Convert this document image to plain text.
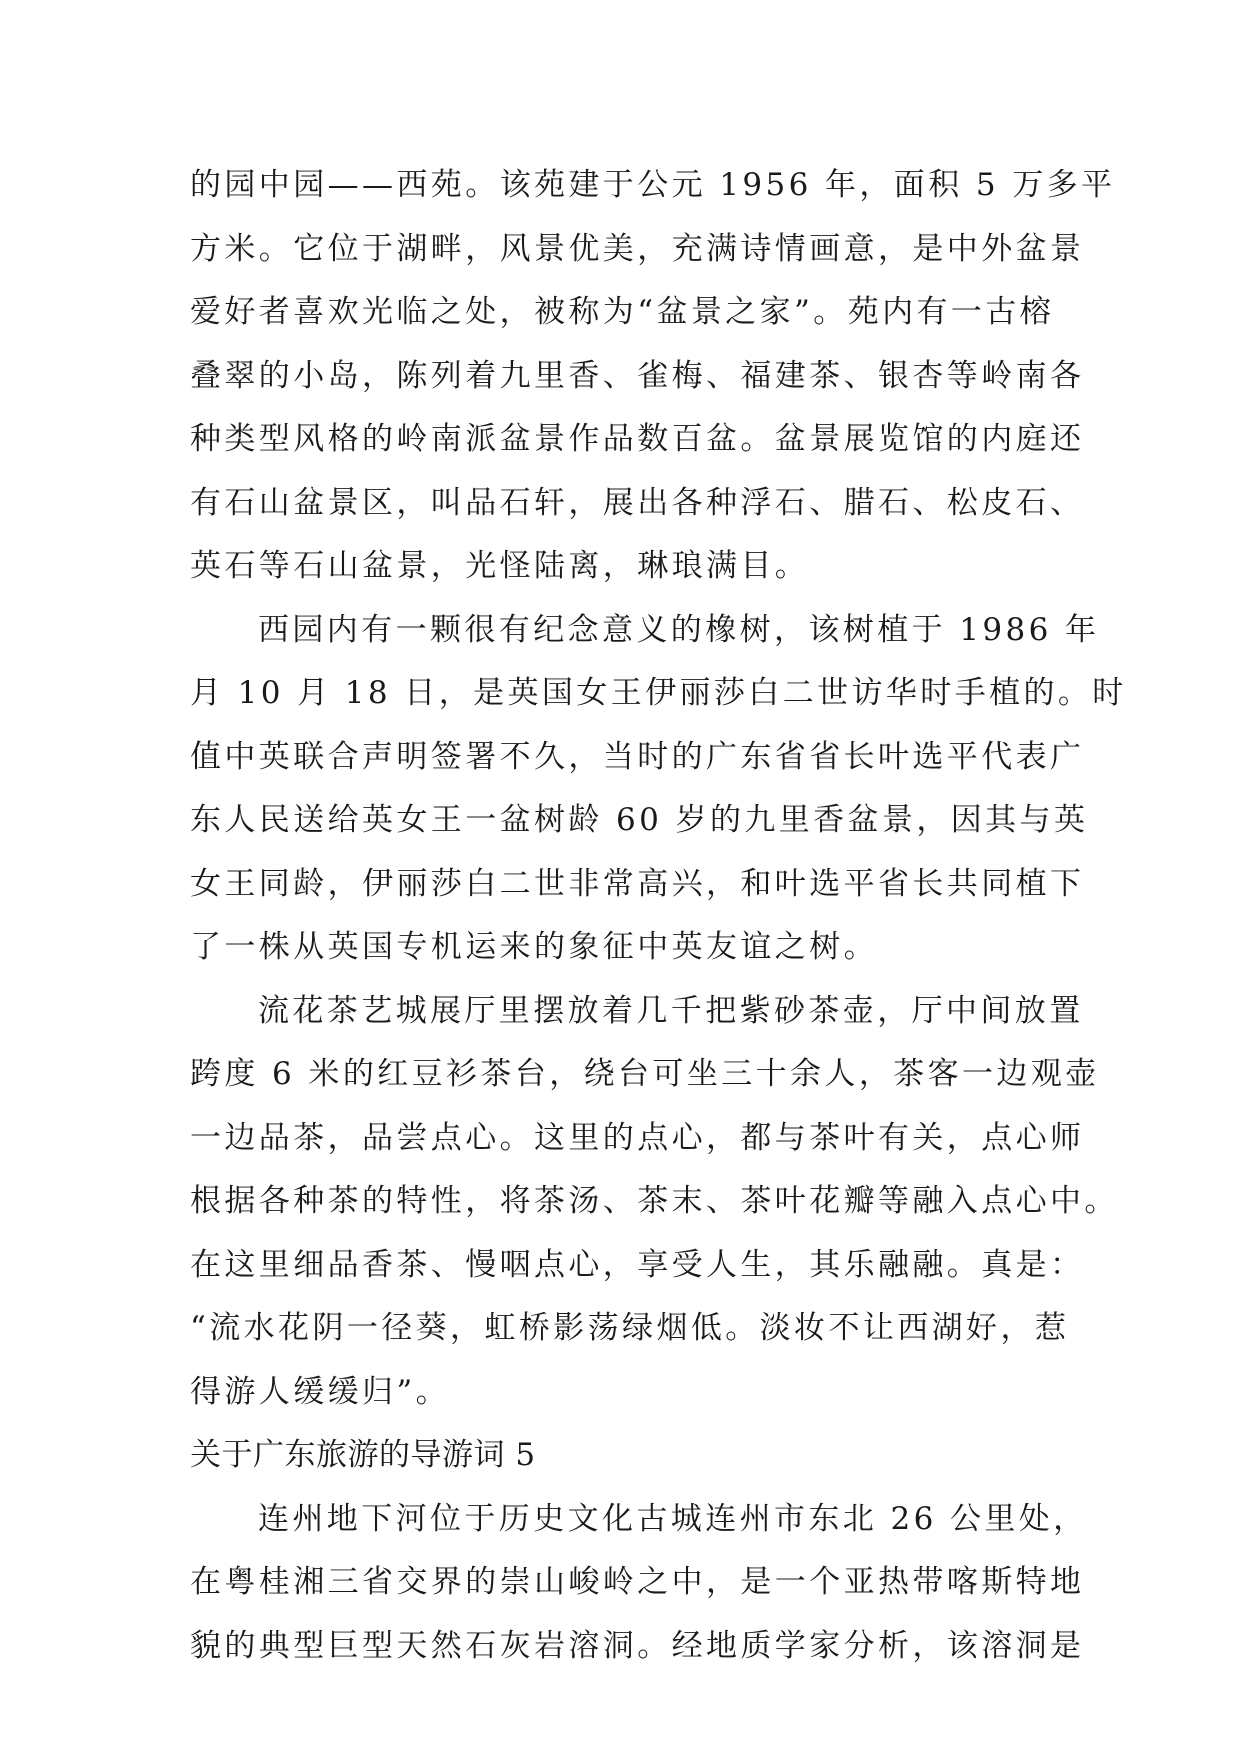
的园中园——西苑。该苑建于公元 1956 年，面积 5 万多平
方米。它位于湖畔，风景优美，充满诗情画意，是中外盆景
爱好者喜欢光临之处，被称为“盆景之家”。苑内有一古榕
叠翠的小岛，陈列着九里香、雀梅、福建茶、银杏等岭南各
种类型风格的岭南派盆景作品数百盆。盆景展览馆的内庭还
有石山盆景区，叫品石轩，展出各种浮石、腊石、松皮石、
英石等石山盆景，光怪陆离，琳琅满目。
西园内有一颗很有纪念意义的橡树，该树植于 1986 年
月 10 月 18 日，是英国女王伊丽莎白二世访华时手植的。时
值中英联合声明签署不久，当时的广东省省长叶选平代表广
东人民送给英女王一盆树龄 60 岁的九里香盆景，因其与英
女王同龄，伊丽莎白二世非常高兴，和叶选平省长共同植下
了一株从英国专机运来的象征中英友谊之树。
流花茶艺城展厅里摆放着几千把紫砂茶壶，厅中间放置
跨度 6 米的红豆衫茶台，绕台可坐三十余人，茶客一边观壶
一边品茶，品尝点心。这里的点心，都与茶叶有关，点心师
根据各种茶的特性，将茶汤、茶末、茶叶花瓣等融入点心中。
在这里细品香茶、慢咽点心，享受人生，其乐融融。真是：
“流水花阴一径葵，虹桥影荡绿烟低。淡妆不让西湖好，惹
得游人缓缓归”。
关于广东旅游的导游词 5
连州地下河位于历史文化古城连州市东北 26 公里处，
在粤桂湘三省交界的崇山峻岭之中，是一个亚热带喀斯特地
貌的典型巨型天然石灰岩溶洞。经地质学家分析，该溶洞是
